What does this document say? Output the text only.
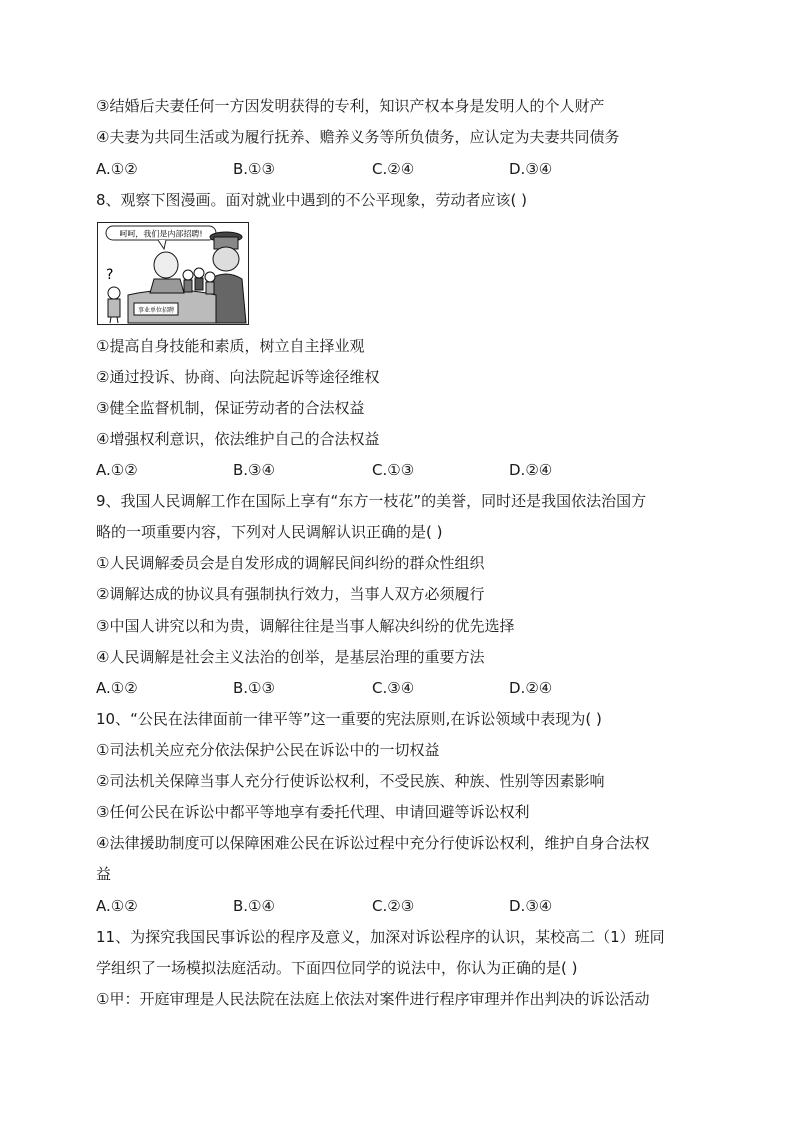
③结婚后夫妻任何一方因发明获得的专利，知识产权本身是发明人的个人财产
④夫妻为共同生活或为履行抚养、赡养义务等所负债务，应认定为夫妻共同债务
A.①②	B.①③	C.②④	D.③④
8、观察下图漫画。面对就业中遇到的不公平现象，劳动者应该( )
呵呵，我们是内部招聘!
事业单位招聘
?
①提高自身技能和素质，树立自主择业观
②通过投诉、协商、向法院起诉等途径维权
③健全监督机制，保证劳动者的合法权益
④增强权利意识，依法维护自己的合法权益
A.①②	B.③④	C.①③	D.②④
9、我国人民调解工作在国际上享有“东方一枝花”的美誉，同时还是我国依法治国方
略的一项重要内容，下列对人民调解认识正确的是( )
①人民调解委员会是自发形成的调解民间纠纷的群众性组织
②调解达成的协议具有强制执行效力，当事人双方必须履行
③中国人讲究以和为贵，调解往往是当事人解决纠纷的优先选择
④人民调解是社会主义法治的创举，是基层治理的重要方法
A.①②	B.①③	C.③④	D.②④
10、“公民在法律面前一律平等”这一重要的宪法原则,在诉讼领域中表现为( )
①司法机关应充分依法保护公民在诉讼中的一切权益
②司法机关保障当事人充分行使诉讼权利，不受民族、种族、性别等因素影响
③任何公民在诉讼中都平等地享有委托代理、申请回避等诉讼权利
④法律援助制度可以保障困难公民在诉讼过程中充分行使诉讼权利，维护自身合法权
益
A.①②	B.①④	C.②③	D.③④
11、为探究我国民事诉讼的程序及意义，加深对诉讼程序的认识，某校高二（1）班同
学组织了一场模拟法庭活动。下面四位同学的说法中，你认为正确的是( )
①甲：开庭审理是人民法院在法庭上依法对案件进行程序审理并作出判决的诉讼活动
